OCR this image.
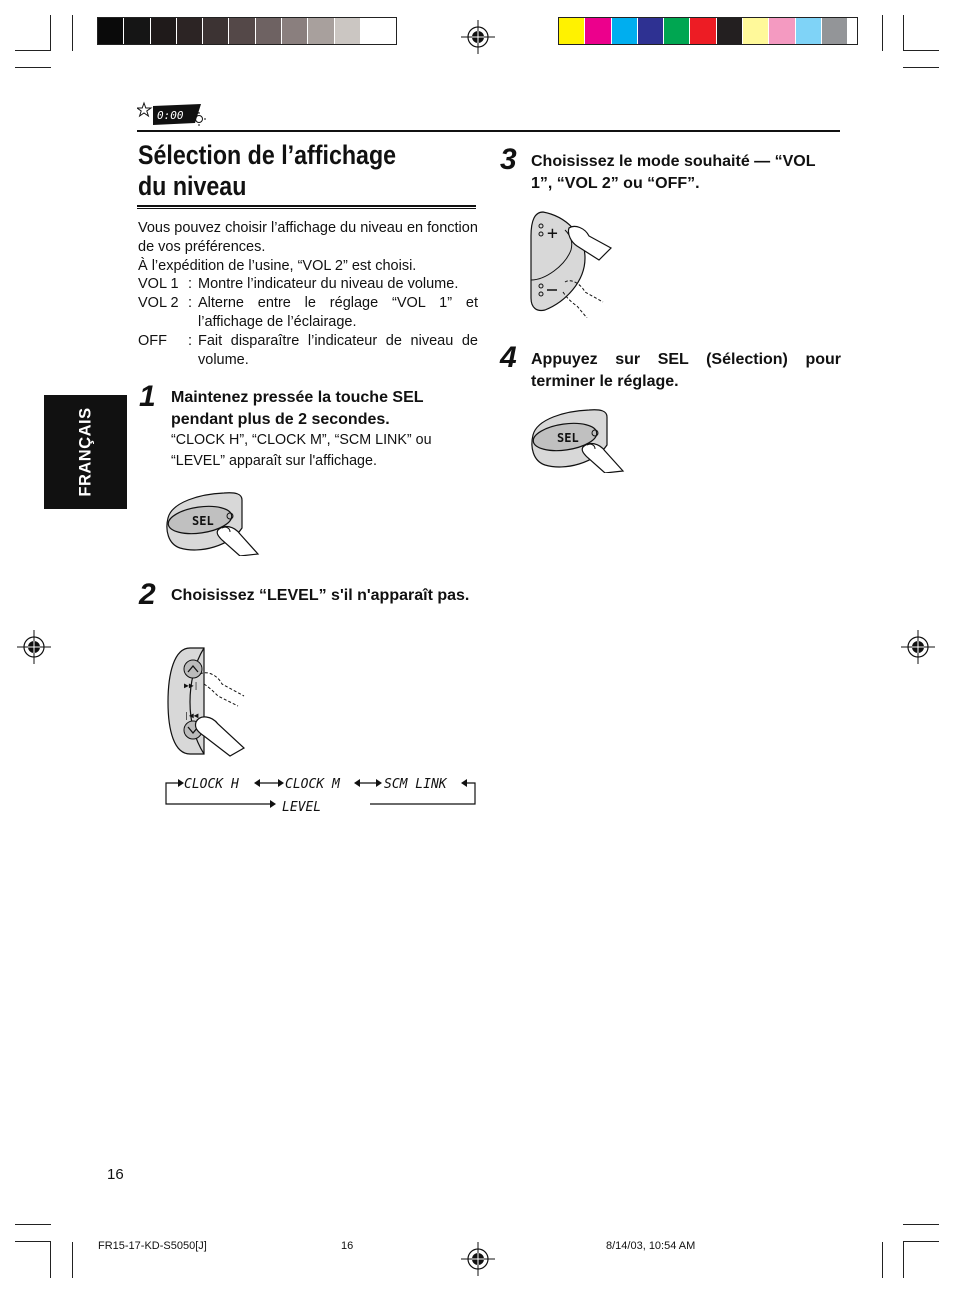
0:00
Sélection de l’affichage du niveau

Vous pouvez choisir l’affichage du niveau en fonction de vos préférences.

À l’expédition de l’usine, “VOL 2” est choisi.

VOL 1 : Montre l’indicateur du niveau de volume.
VOL 2 : Alterne entre le réglage “VOL 1” et l’affichage de l’éclairage.
OFF	: Fait disparaître l’indicateur de niveau de volume.
FRANÇAIS
1 Maintenez pressée la touche SEL pendant plus de 2 secondes.
“CLOCK H”, “CLOCK M”, “SCM LINK” ou “LEVEL” apparaît sur l'affichage.
SEL
2 Choisissez “LEVEL” s'il n'apparaît pas.
▶▶|
|◀◀
CLOCK H	CLOCK M	SCM LINK
LEVEL
3 Choisissez le mode souhaité — “VOL 1”, “VOL 2” ou “OFF”.
+
4 Appuyez sur SEL (Sélection) pour terminer le réglage.
SEL
16
FR15-17-KD-S5050[J]	16	8/14/03, 10:54 AM
